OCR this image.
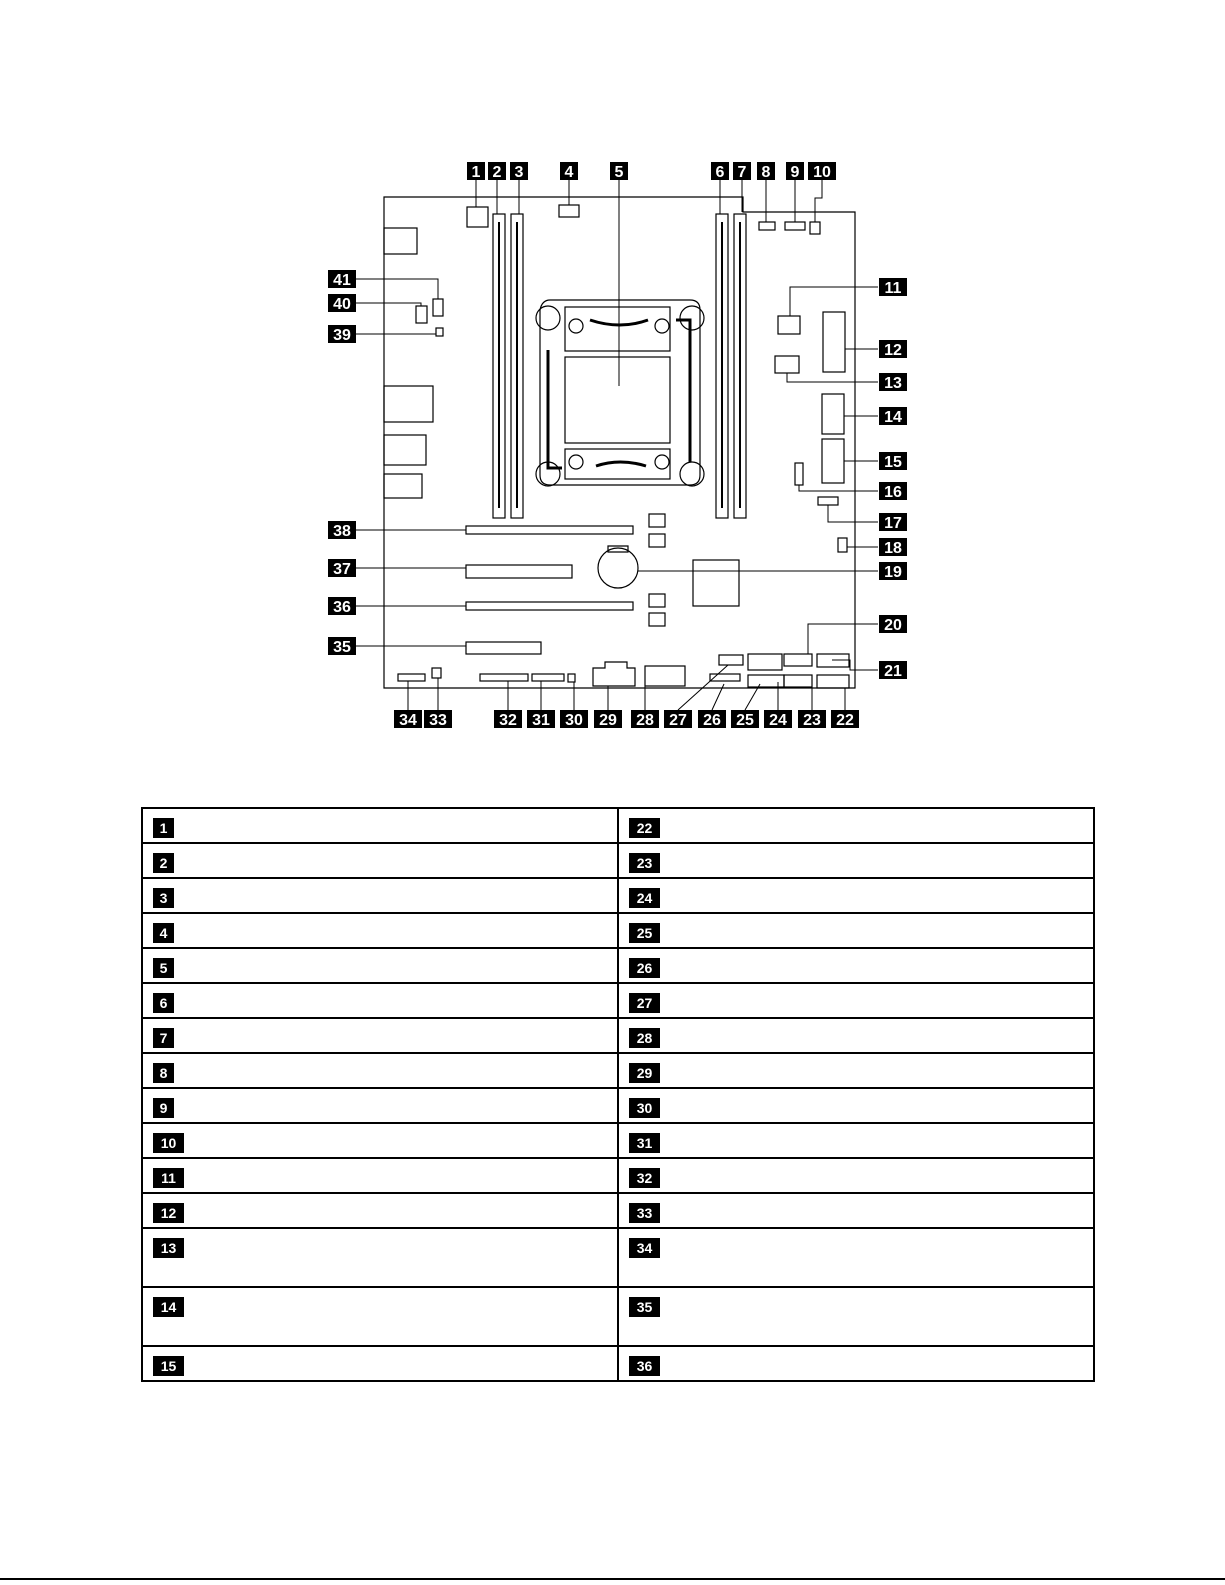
1 2 3	4	5	6 7 8 9 10
11
12
13
14
15
16
17
18
19
20
21
22
23
24
25
26
27
28
29
30
31
32
33
34
35
36
37
38
39
40
41
1	22
2	23
3	24
4	25
5	26
6	27
7	28
8	29
9	30
10	31
11	32
12	33
13	34
14	35
15	36
